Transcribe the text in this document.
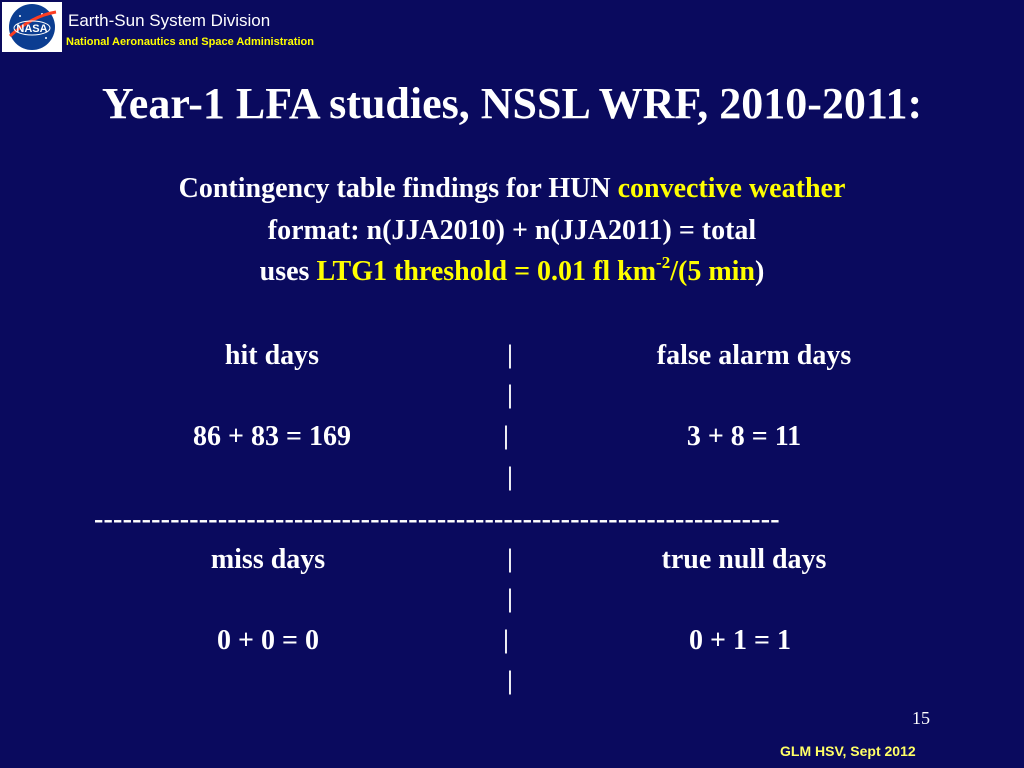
NASA Earth-Sun System Division
National Aeronautics and Space Administration
Year-1 LFA studies, NSSL WRF, 2010-2011:
Contingency table findings for HUN convective weather
format: n(JJA2010) + n(JJA2011) = total
uses LTG1 threshold = 0.01 fl $km^{-2}/(5$ min)
hit days	false alarm days
|
|
86 + 83 = 169	3 + 8 = 11
|
|
------------------------------------------------------------------------
miss days	true null days
|
|
0 + 0 = 0	0 + 1 = 1
|
|
15
GLM HSV, Sept 2012
